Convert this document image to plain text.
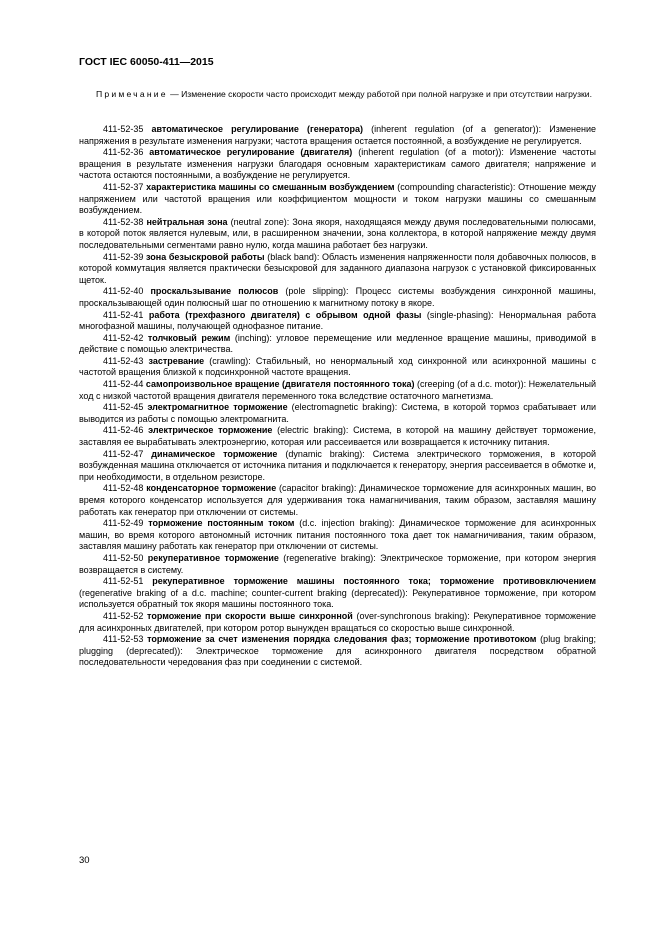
ГОСТ IEC 60050-411—2015

Примечание — Изменение скорости часто происходит между работой при полной нагрузке и при отсутствии нагрузки.

411-52-35 автоматическое регулирование (генератора) (inherent regulation (of a generator)): Изменение напряжения в результате изменения нагрузки; частота вращения остается постоянной, а возбуждение не регулируется.

411-52-36 автоматическое регулирование (двигателя) (inherent regulation (of a motor)): Изменение частоты вращения в результате изменения нагрузки благодаря основным характеристикам самого двигателя; напряжение и частота остаются постоянными, а возбуждение не регулируется.

411-52-37 характеристика машины со смешанным возбуждением (compounding characteristic): Отношение между напряжением или частотой вращения или коэффициентом мощности и током нагрузки машины со смешанным возбуждением.

411-52-38 нейтральная зона (neutral zone): Зона якоря, находящаяся между двумя последовательными полюсами, в которой поток является нулевым, или, в расширенном значении, зона коллектора, в которой напряжение между двумя последовательными сегментами равно нулю, когда машина работает без нагрузки.

411-52-39 зона безыскровой работы (black band): Область изменения напряженности поля добавочных полюсов, в которой коммутация является практически безыскровой для заданного диапазона нагрузок с установкой фиксированных щеток.

411-52-40 проскальзывание полюсов (pole slipping): Процесс системы возбуждения синхронной машины, проскальзывающей один полюсный шаг по отношению к магнитному потоку в якоре.

411-52-41 работа (трехфазного двигателя) с обрывом одной фазы (single-phasing): Ненормальная работа многофазной машины, получающей однофазное питание.

411-52-42 толчковый режим (inching): угловое перемещение или медленное вращение машины, приводимой в действие с помощью электричества.

411-52-43 застревание (crawling): Стабильный, но ненормальный ход синхронной или асинхронной машины с частотой вращения близкой к подсинхронной частоте вращения.

411-52-44 самопроизвольное вращение (двигателя постоянного тока) (creeping (of a d.c. motor)): Нежелательный ход с низкой частотой вращения двигателя переменного тока вследствие остаточного магнетизма.

411-52-45 электромагнитное торможение (electromagnetic braking): Система, в которой тормоз срабатывает или выводится из работы с помощью электромагнита.

411-52-46 электрическое торможение (electric braking): Система, в которой на машину действует торможение, заставляя ее вырабатывать электроэнергию, которая или рассеивается или возвращается к источнику питания.

411-52-47 динамическое торможение (dynamic braking): Система электрического торможения, в которой возбужденная машина отключается от источника питания и подключается к генератору, энергия рассеивается в обмотке и, при необходимости, в отдельном резисторе.

411-52-48 конденсаторное торможение (capacitor braking): Динамическое торможение для асинхронных машин, во время которого конденсатор используется для удерживания тока намагничивания, таким образом, заставляя машину работать как генератор при отключении от системы.

411-52-49 торможение постоянным током (d.c. injection braking): Динамическое торможение для асинхронных машин, во время которого автономный источник питания постоянного тока дает ток намагничивания, таким образом, заставляя машину работать как генератор при отключении от системы.

411-52-50 рекуперативное торможение (regenerative braking): Электрическое торможение, при котором энергия возвращается в систему.

411-52-51 рекуперативное торможение машины постоянного тока; торможение противовключением (regenerative braking of a d.c. machine; counter-current braking (deprecated)): Рекуперативное торможение, при котором используется обратный ток якоря машины постоянного тока.

411-52-52 торможение при скорости выше синхронной (over-synchronous braking): Рекуперативное торможение для асинхронных двигателей, при котором ротор вынужден вращаться со скоростью выше синхронной.

411-52-53 торможение за счет изменения порядка следования фаз; торможение противотоком (plug braking; plugging (deprecated)): Электрическое торможение для асинхронного двигателя посредством обратной последовательности чередования фаз при соединении с системой.

30
